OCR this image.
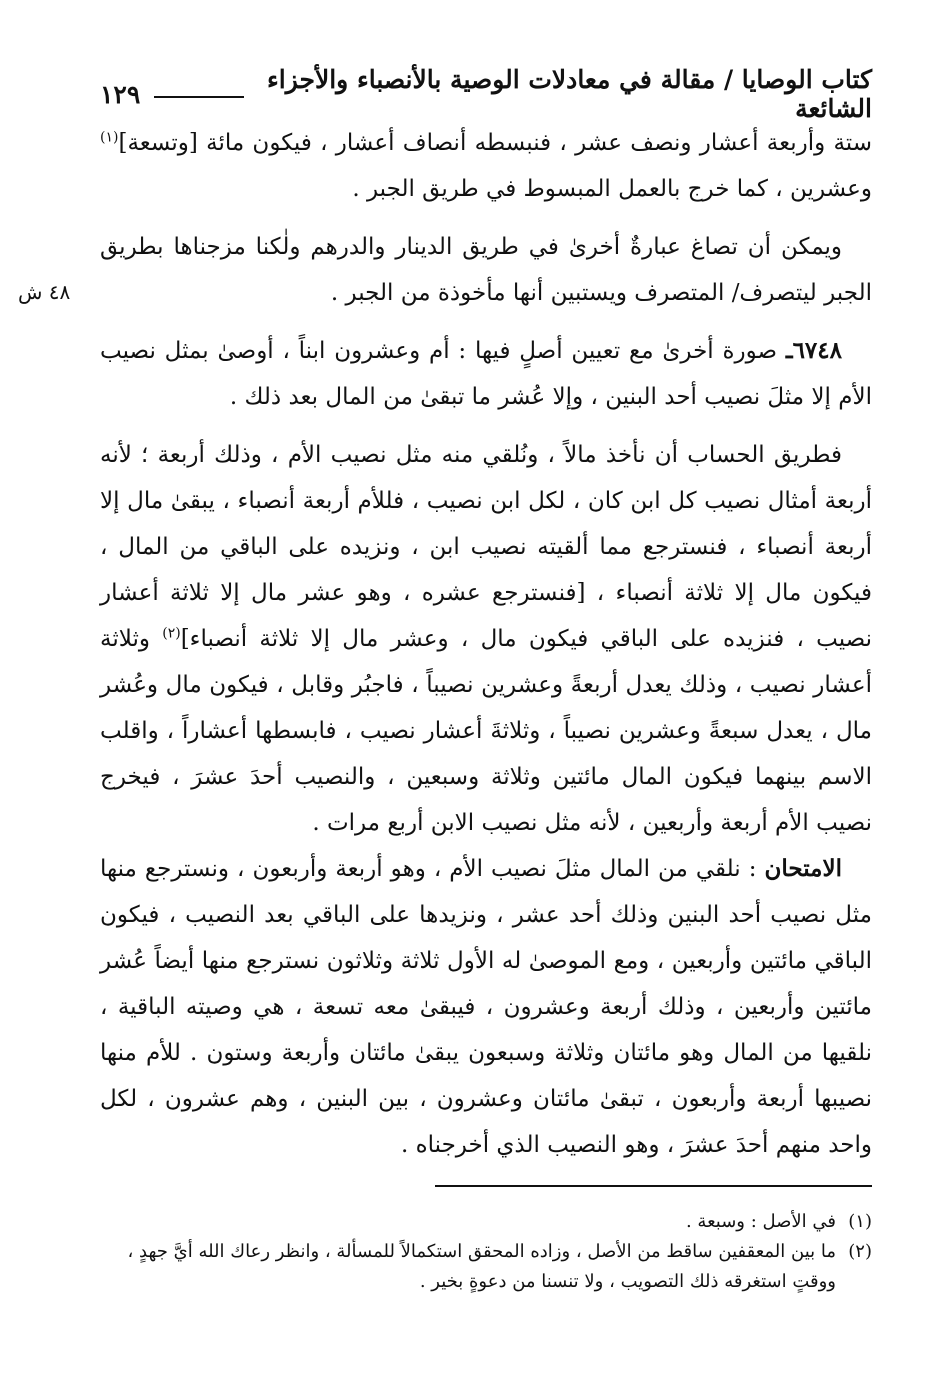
كتاب الوصايا / مقالة في معادلات الوصية بالأنصباء والأجزاء الشائعة
١٢٩
٤٨ ش

ستة وأربعة أعشار ونصف عشر ، فنبسطه أنصاف أعشار ، فيكون مائة [وتسعة]$^{(١)}$ وعشرين ، كما خرج بالعمل المبسوط في طريق الجبر .

ويمكن أن تصاغ عبارةٌ أخرىٰ في طريق الدينار والدرهم ولٰكنا مزجناها بطريق الجبر ليتصرف/ المتصرف ويستبين أنها مأخوذة من الجبر .

٦٧٤٨ـ صورة أخرىٰ مع تعيين أصلٍ فيها : أم وعشرون ابناً ، أوصىٰ بمثل نصيب الأم إلا مثلَ نصيب أحد البنين ، وإلا عُشر ما تبقىٰ من المال بعد ذلك .

فطريق الحساب أن نأخذ مالاً ، ونُلقي منه مثل نصيب الأم ، وذلك أربعة ؛ لأنه أربعة أمثال نصيب كل ابن كان ، لكل ابن نصيب ، فللأم أربعة أنصباء ، يبقىٰ مال إلا أربعة أنصباء ، فنسترجع مما ألقيته نصيب ابن ، ونزيده على الباقي من المال ، فيكون مال إلا ثلاثة أنصباء ، [فنسترجع عشره ، وهو عشر مال إلا ثلاثة أعشار نصيب ، فنزيده على الباقي فيكون مال ، وعشر مال إلا ثلاثة أنصباء]$^{(٢)}$ وثلاثة أعشار نصيب ، وذلك يعدل أربعةً وعشرين نصيباً ، فاجبُر وقابل ، فيكون مال وعُشر مال ، يعدل سبعةً وعشرين نصيباً ، وثلاثةَ أعشار نصيب ، فابسطها أعشاراً ، واقلب الاسم بينهما فيكون المال مائتين وثلاثة وسبعين ، والنصيب أحدَ عشرَ ، فيخرج نصيب الأم أربعة وأربعين ، لأنه مثل نصيب الابن أربع مرات .

الامتحان : نلقي من المال مثلَ نصيب الأم ، وهو أربعة وأربعون ، ونسترجع منها مثل نصيب أحد البنين وذلك أحد عشر ، ونزيدها على الباقي بعد النصيب ، فيكون الباقي مائتين وأربعين ، ومع الموصىٰ له الأول ثلاثة وثلاثون نسترجع منها أيضاً عُشر مائتين وأربعين ، وذلك أربعة وعشرون ، فيبقىٰ معه تسعة ، هي وصيته الباقية ، نلقيها من المال وهو مائتان وثلاثة وسبعون يبقىٰ مائتان وأربعة وستون . للأم منها نصيبها أربعة وأربعون ، تبقىٰ مائتان وعشرون ، بين البنين ، وهم عشرون ، لكل واحد منهم أحدَ عشرَ ، وهو النصيب الذي أخرجناه .

(١)
في الأصل : وسبعة .
(٢)
ما بين المعقفين ساقط من الأصل ، وزاده المحقق استكمالاً للمسألة ، وانظر رعاك الله أيَّ جهدٍ ، ووقتٍ استغرقه ذلك التصويب ، ولا تنسنا من دعوةٍ بخير .
